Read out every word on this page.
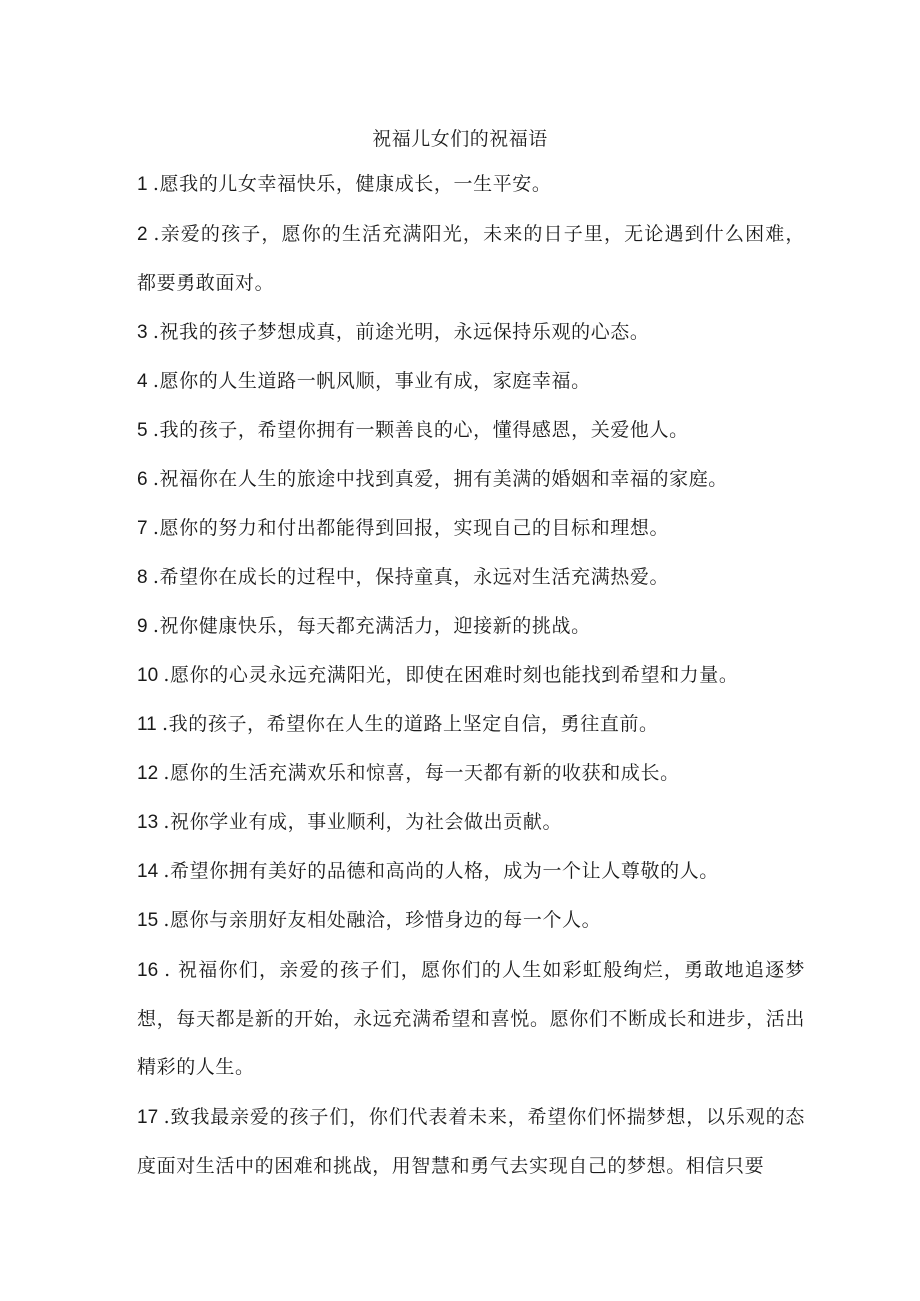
祝福儿女们的祝福语
1 .愿我的儿女幸福快乐，健康成长，一生平安。
2 .亲爱的孩子，愿你的生活充满阳光，未来的日子里，无论遇到什么困难，都要勇敢面对。
3 .祝我的孩子梦想成真，前途光明，永远保持乐观的心态。
4 .愿你的人生道路一帆风顺，事业有成，家庭幸福。
5 .我的孩子，希望你拥有一颗善良的心，懂得感恩，关爱他人。
6 .祝福你在人生的旅途中找到真爱，拥有美满的婚姻和幸福的家庭。
7 .愿你的努力和付出都能得到回报，实现自己的目标和理想。
8 .希望你在成长的过程中，保持童真，永远对生活充满热爱。
9 .祝你健康快乐，每天都充满活力，迎接新的挑战。
10 .愿你的心灵永远充满阳光，即使在困难时刻也能找到希望和力量。
11 .我的孩子，希望你在人生的道路上坚定自信，勇往直前。
12 .愿你的生活充满欢乐和惊喜，每一天都有新的收获和成长。
13 .祝你学业有成，事业顺利，为社会做出贡献。
14 .希望你拥有美好的品德和高尚的人格，成为一个让人尊敬的人。
15 .愿你与亲朋好友相处融洽，珍惜身边的每一个人。
16 . 祝福你们，亲爱的孩子们，愿你们的人生如彩虹般绚烂，勇敢地追逐梦想，每天都是新的开始，永远充满希望和喜悦。愿你们不断成长和进步，活出精彩的人生。
17 .致我最亲爱的孩子们，你们代表着未来，希望你们怀揣梦想，以乐观的态度面对生活中的困难和挑战，用智慧和勇气去实现自己的梦想。相信只要
